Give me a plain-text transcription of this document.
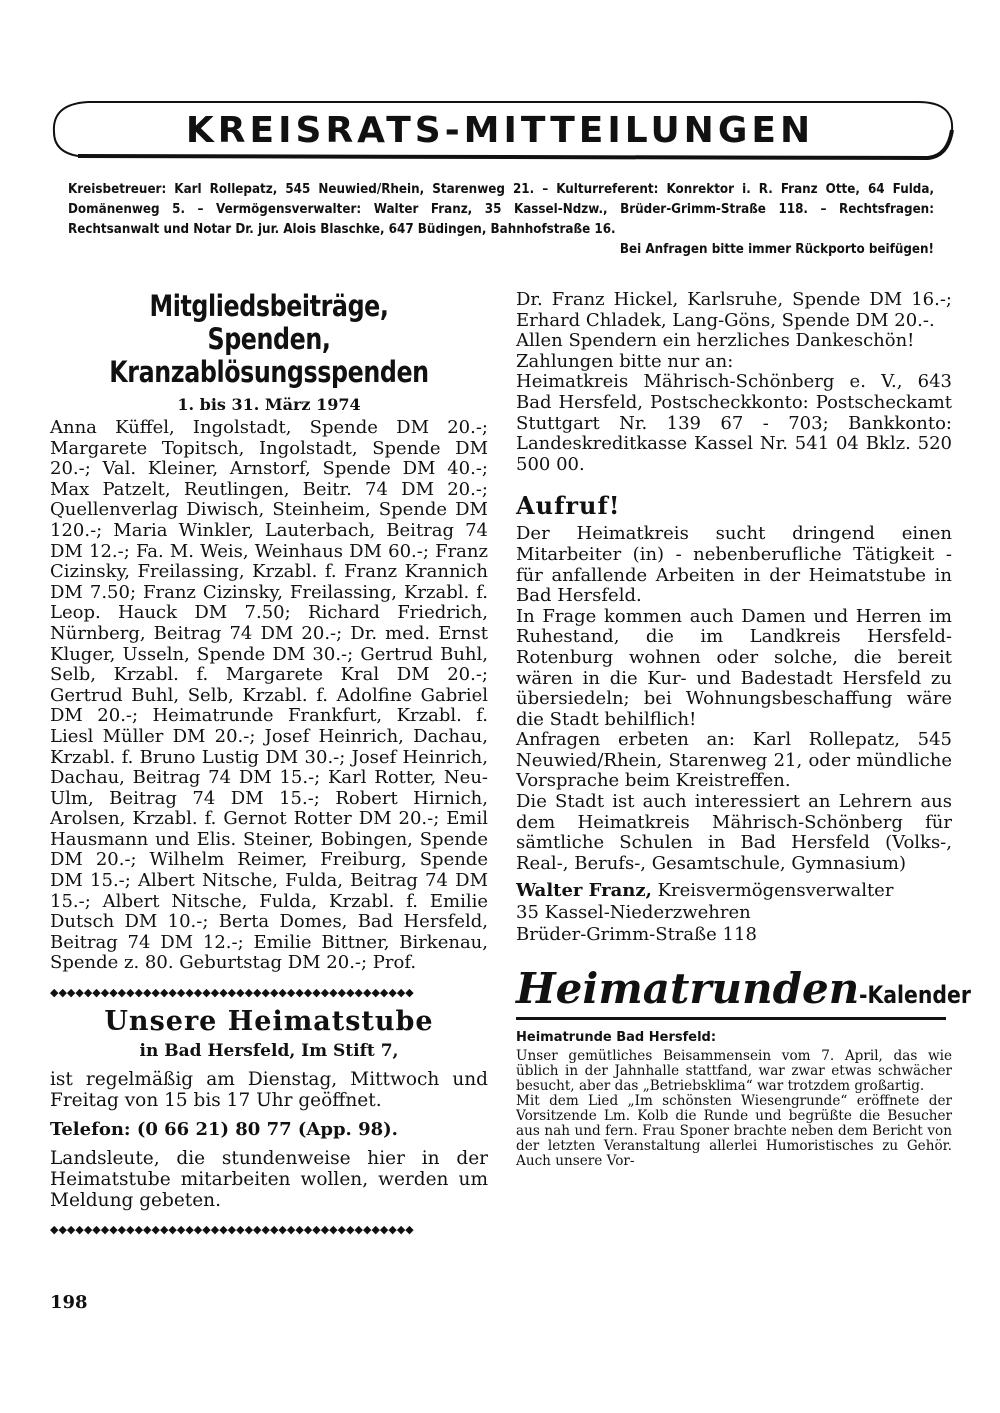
KREISRATS-MITTEILUNGEN
Kreisbetreuer: Karl Rollepatz, 545 Neuwied/Rhein, Starenweg 21. – Kulturreferent: Konrektor i. R. Franz Otte, 64 Fulda, Domänenweg 5. – Vermögensverwalter: Walter Franz, 35 Kassel-Ndzw., Brüder-Grimm-Straße 118. – Rechtsfragen: Rechtsanwalt und Notar Dr. jur. Alois Blaschke, 647 Büdingen, Bahnhofstraße 16.
Bei Anfragen bitte immer Rückporto beifügen!
Mitgliedsbeiträge, Spenden,
Kranzablösungsspenden
1. bis 31. März 1974

Anna Küffel, Ingolstadt, Spende DM 20.-; Margarete Topitsch, Ingolstadt, Spende DM 20.-; Val. Kleiner, Arnstorf, Spende DM 40.-; Max Patzelt, Reutlingen, Beitr. 74 DM 20.-; Quellenverlag Diwisch, Steinheim, Spende DM 120.-; Maria Winkler, Lauterbach, Beitrag 74 DM 12.-; Fa. M. Weis, Weinhaus DM 60.-; Franz Cizinsky, Freilassing, Krzabl. f. Franz Krannich DM 7.50; Franz Cizinsky, Freilassing, Krzabl. f. Leop. Hauck DM 7.50; Richard Friedrich, Nürnberg, Beitrag 74 DM 20.-; Dr. med. Ernst Kluger, Usseln, Spende DM 30.-; Gertrud Buhl, Selb, Krzabl. f. Margarete Kral DM 20.-; Gertrud Buhl, Selb, Krzabl. f. Adolfine Gabriel DM 20.-; Heimatrunde Frankfurt, Krzabl. f. Liesl Müller DM 20.-; Josef Heinrich, Dachau, Krzabl. f. Bruno Lustig DM 30.-; Josef Heinrich, Dachau, Beitrag 74 DM 15.-; Karl Rotter, Neu-Ulm, Beitrag 74 DM 15.-; Robert Hirnich, Arolsen, Krzabl. f. Gernot Rotter DM 20.-; Emil Hausmann und Elis. Steiner, Bobingen, Spende DM 20.-; Wilhelm Reimer, Freiburg, Spende DM 15.-; Albert Nitsche, Fulda, Beitrag 74 DM 15.-; Albert Nitsche, Fulda, Krzabl. f. Emilie Dutsch DM 10.-; Berta Domes, Bad Hersfeld, Beitrag 74 DM 12.-; Emilie Bittner, Birkenau, Spende z. 80. Geburtstag DM 20.-; Prof.

◆◆◆◆◆◆◆◆◆◆◆◆◆◆◆◆◆◆◆◆◆◆◆◆◆◆◆◆◆◆◆◆◆◆◆◆◆◆◆◆◆◆◆
Unsere Heimatstube
in Bad Hersfeld, Im Stift 7,

ist regelmäßig am Dienstag, Mittwoch und Freitag von 15 bis 17 Uhr geöffnet.

Telefon: (0 66 21) 80 77 (App. 98).

Landsleute, die stundenweise hier in der Heimatstube mitarbeiten wollen, werden um Meldung gebeten.

◆◆◆◆◆◆◆◆◆◆◆◆◆◆◆◆◆◆◆◆◆◆◆◆◆◆◆◆◆◆◆◆◆◆◆◆◆◆◆◆◆◆◆
198

Dr. Franz Hickel, Karlsruhe, Spende DM 16.-; Erhard Chladek, Lang-Göns, Spende DM 20.-.

Allen Spendern ein herzliches Dankeschön!

Zahlungen bitte nur an:

Heimatkreis Mährisch-Schönberg e. V., 643 Bad Hersfeld, Postscheckkonto: Postscheckamt Stuttgart Nr. 139 67 - 703; Bankkonto: Landeskreditkasse Kassel Nr. 541 04 Bklz. 520 500 00.

Aufruf!

Der Heimatkreis sucht dringend einen Mitarbeiter (in) - nebenberufliche Tätigkeit - für anfallende Arbeiten in der Heimatstube in Bad Hersfeld.

In Frage kommen auch Damen und Herren im Ruhestand, die im Landkreis Hersfeld-Rotenburg wohnen oder solche, die bereit wären in die Kur- und Badestadt Hersfeld zu übersiedeln; bei Wohnungsbeschaffung wäre die Stadt behilflich!

Anfragen erbeten an: Karl Rollepatz, 545 Neuwied/Rhein, Starenweg 21, oder mündliche Vorsprache beim Kreistreffen.

Die Stadt ist auch interessiert an Lehrern aus dem Heimatkreis Mährisch-Schönberg für sämtliche Schulen in Bad Hersfeld (Volks-, Real-, Berufs-, Gesamtschule, Gymnasium)

Walter Franz, Kreisvermögensverwalter
35 Kassel-Niederzwehren
Brüder-Grimm-Straße 118
Heimatrunden-Kalender
Heimatrunde Bad Hersfeld:

Unser gemütliches Beisammensein vom 7. April, das wie üblich in der Jahnhalle stattfand, war zwar etwas schwächer besucht, aber das „Betriebsklima“ war trotzdem großartig.

Mit dem Lied „Im schönsten Wiesengrunde“ eröffnete der Vorsitzende Lm. Kolb die Runde und begrüßte die Besucher aus nah und fern. Frau Sponer brachte neben dem Bericht von der letzten Veranstaltung allerlei Humoristisches zu Gehör. Auch unsere Vor-
